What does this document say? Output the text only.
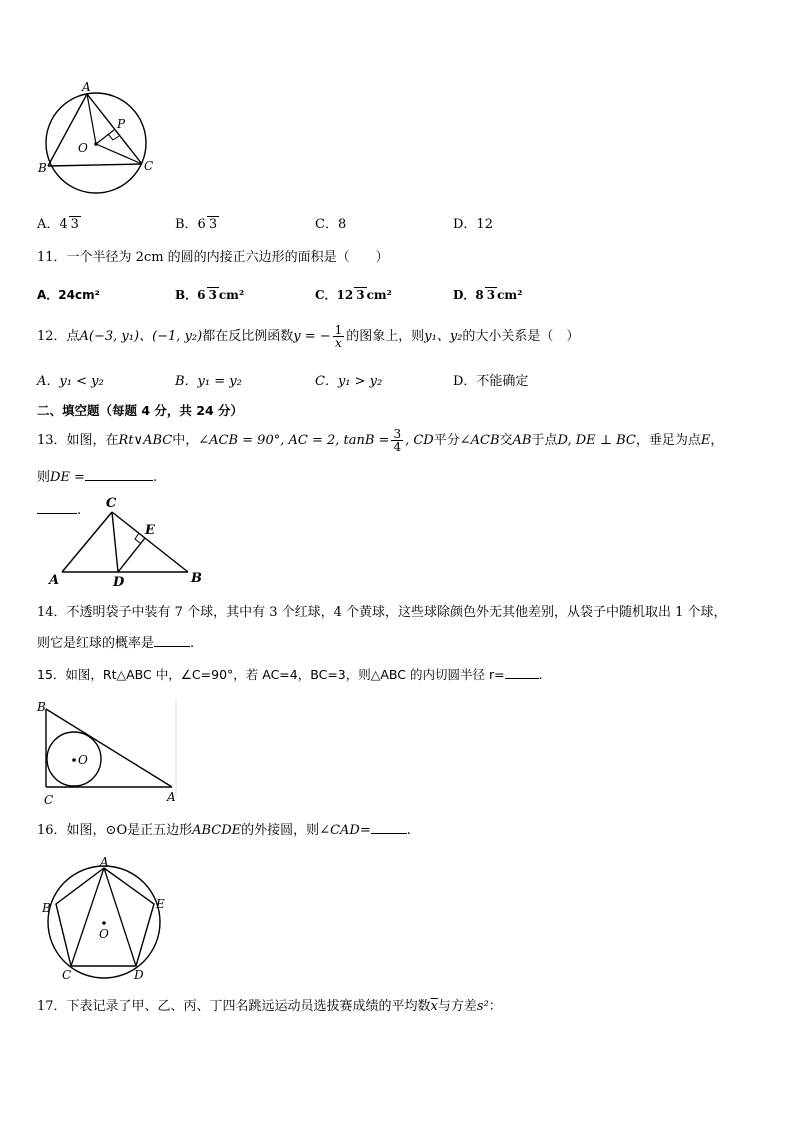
A
B	C
O
P
A．4 3	B．6 3	C．8	D．12
11．一个半径为 2cm 的圆的内接正六边形的面积是（　　）
A．24cm²	B．6 3 cm²	C．12 3 cm²	D．8 3 cm²
12．点A(−3, y₁)、(−1, y₂)都在反比例函数y = − $\frac{1}{x}$ 的图象上，则y₁、y₂的大小关系是（　）
A．y₁ < y₂	B．y₁ = y₂	C．y₁ > y₂	D．不能确定
二、填空题（每题 4 分，共 24 分）
13．如图，在Rt∨ABC中，∠ACB = 90°, AC = 2, $\tan B = \frac{3}{4}$ , CD平分∠ACB交AB于点D, DE ⊥ BC，垂足为点E，
则DE =	.
. C
E
A	D	B
14．不透明袋子中装有 7 个球，其中有 3 个红球，4 个黄球，这些球除颜色外无其他差别，从袋子中随机取出 1 个球，
则它是红球的概率是	.
15．如图，Rt△ABC 中，∠C=90°，若 AC=4，BC=3，则△ABC 的内切圆半径 r=	.
B
O
C	A
16．如图，⊙O是正五边形ABCDE的外接圆，则∠CAD=	.
A
B	E
C	D
O
17．下表记录了甲、乙、丙、丁四名跳远运动员选拔赛成绩的平均数$\overline{x}$与方差s²：
